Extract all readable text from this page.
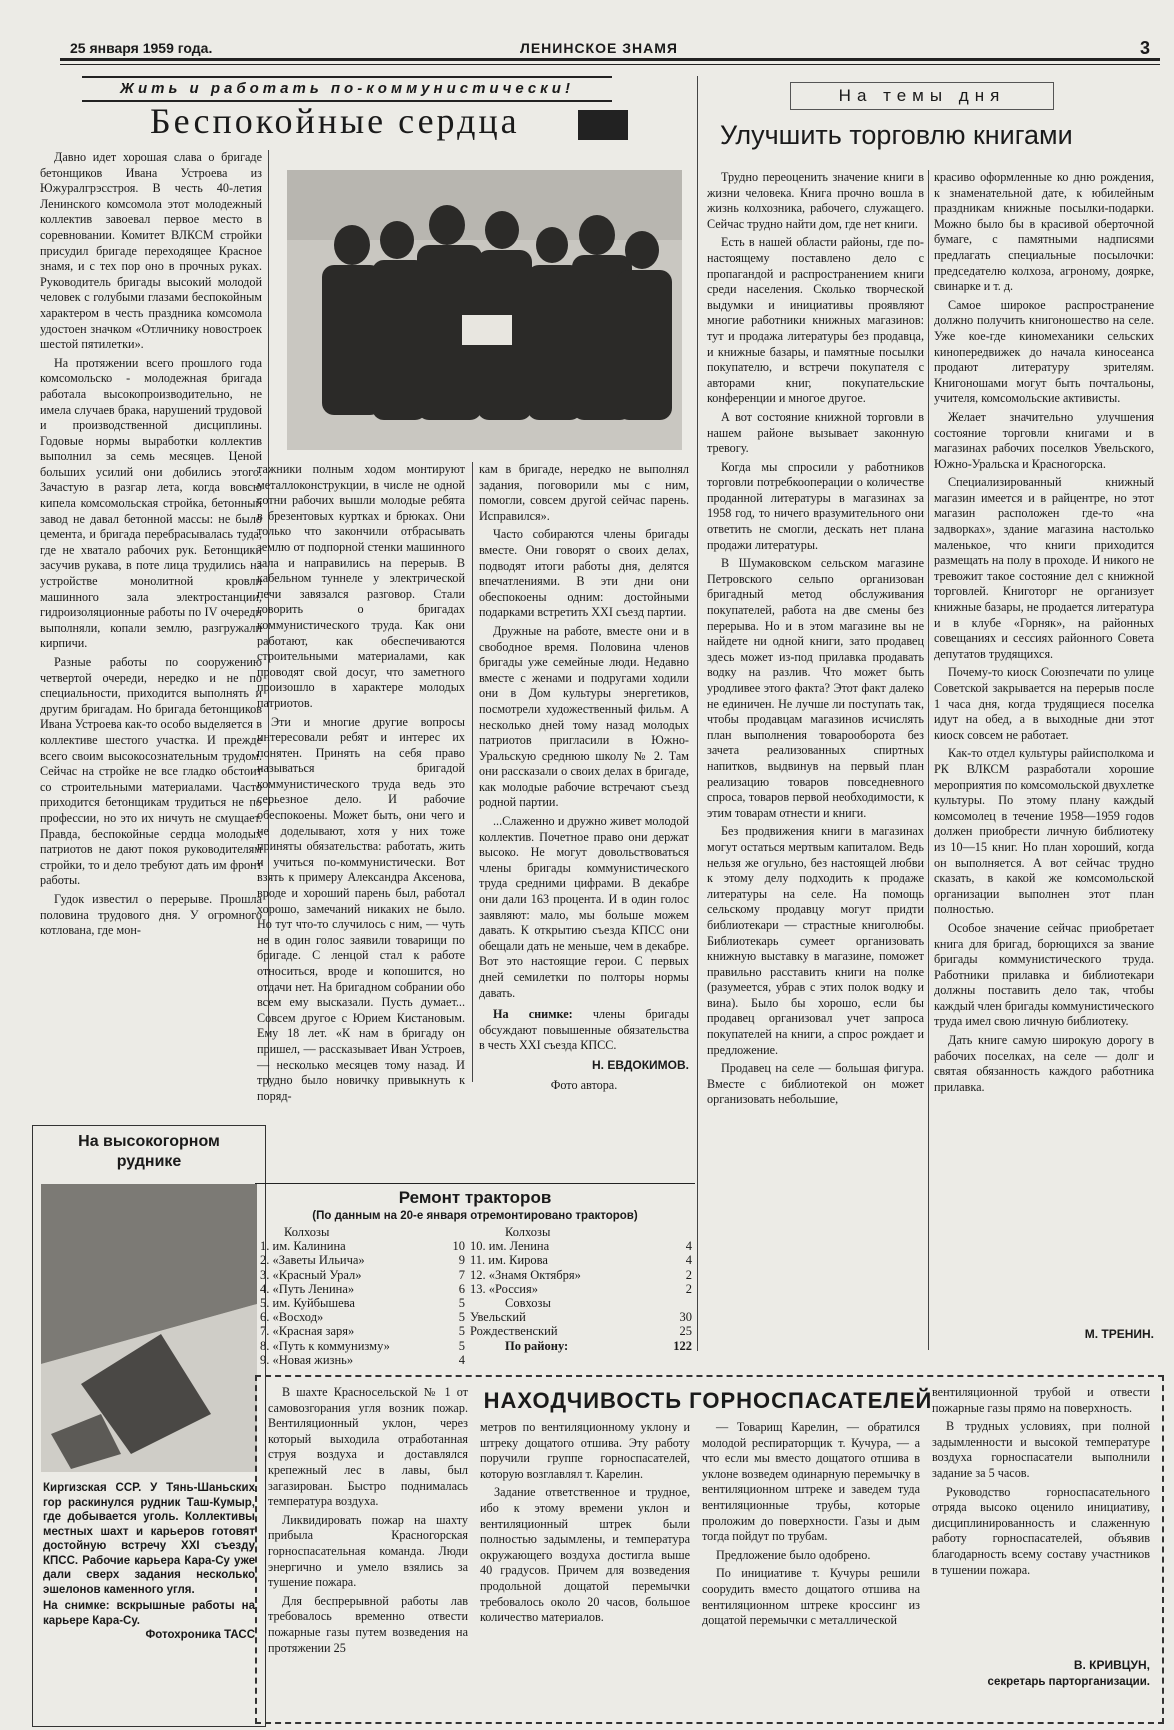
25 января 1959 года.	ЛЕНИНСКОЕ ЗНАМЯ	3
Жить и работать по-коммунистически!
Беспокойные сердца

Давно идет хорошая слава о бригаде бетонщиков Ивана Устроева из Южуралгрэсстроя. В честь 40-летия Ленинского комсомола этот молодежный коллектив завоевал первое место в соревновании. Комитет ВЛКСМ стройки присудил бригаде переходящее Красное знамя, и с тех пор оно в прочных руках. Руководитель бригады высокий молодой человек с голубыми глазами беспокойным характером в честь праздника комсомола удостоен значком «Отличнику новостроек шестой пятилетки».

На протяжении всего прошлого года комсомольско - молодежная бригада работала высокопроизводительно, не имела случаев брака, нарушений трудовой и производственной дисциплины. Годовые нормы выработки коллектив выполнил за семь месяцев. Ценой больших усилий они добились этого. Зачастую в разгар лета, когда вовсю кипела комсомольская стройка, бетонный завод не давал бетонной массы: не было цемента, и бригада перебрасывалась туда, где не хватало рабочих рук. Бетонщики засучив рукава, в поте лица трудились на устройстве монолитной кровли машинного зала электростанции, гидроизоляционные работы по IV очереди выполняли, копали землю, разгружали кирпичи.

Разные работы по сооружению четвертой очереди, нередко и не по специальности, приходится выполнять и другим бригадам. Но бригада бетонщиков Ивана Устроева как-то особо выделяется в коллективе шестого участка. И прежде всего своим высокосознательным трудом. Сейчас на стройке не все гладко обстоит со строительными материалами. Часто приходится бетонщикам трудиться не по профессии, но это их ничуть не смущает. Правда, беспокойные сердца молодых патриотов не дают покоя руководителям стройки, то и дело требуют дать им фронт работы.

Гудок известил о перерыве. Прошла половина трудового дня. У огромного котлована, где мон-

тажники полным ходом монтируют металлоконструкции, в числе не одной сотни рабочих вышли молодые ребята в брезентовых куртках и брюках. Они только что закончили отбрасывать землю от подпорной стенки машинного зала и направились на перерыв. В кабельном туннеле у электрической печи завязался разговор. Стали говорить о бригадах коммунистического труда. Как они работают, как обеспечиваются строительными материалами, как проводят свой досуг, что заметного произошло в характере молодых патриотов.

Эти и многие другие вопросы интересовали ребят и интерес их понятен. Принять на себя право называться бригадой коммунистического труда ведь это серьезное дело. И рабочие обеспокоены. Может быть, они чего и не доделывают, хотя у них тоже приняты обязательства: работать, жить и учиться по-коммунистически. Вот взять к примеру Александра Аксенова, вроде и хороший парень был, работал хорошо, замечаний никаких не было. Но тут что-то случилось с ним, — чуть не в один голос заявили товарищи по бригаде. С ленцой стал к работе относиться, вроде и копошится, но отдачи нет. На бригадном собрании обо всем ему высказали. Пусть думает... Совсем другое с Юрием Кистановым. Ему 18 лет. «К нам в бригаду он пришел, — рассказывает Иван Устроев, — несколько месяцев тому назад. И трудно было новичку привыкнуть к поряд-

кам в бригаде, нередко не выполнял задания, поговорили мы с ним, помогли, совсем другой сейчас парень. Исправился».

Часто собираются члены бригады вместе. Они говорят о своих делах, подводят итоги работы дня, делятся впечатлениями. В эти дни они обеспокоены одним: достойными подарками встретить XXI съезд партии.

Дружные на работе, вместе они и в свободное время. Половина членов бригады уже семейные люди. Недавно вместе с женами и подругами ходили они в Дом культуры энергетиков, посмотрели художественный фильм. А несколько дней тому назад молодых патриотов пригласили в Южно-Уральскую среднюю школу № 2. Там они рассказали о своих делах в бригаде, как молодые рабочие встречают съезд родной партии.

...Слаженно и дружно живет молодой коллектив. Почетное право они держат высоко. Не могут довольствоваться члены бригады коммунистического труда средними цифрами. В декабре они дали 163 процента. И в один голос заявляют: мало, мы больше можем давать. К открытию съезда КПСС они обещали дать не меньше, чем в декабре. Вот это настоящие герои. С первых дней семилетки по полторы нормы давать.

На снимке: члены бригады обсуждают повышенные обязательства в честь XXI съезда КПСС.

Н. ЕВДОКИМОВ.
Фото автора.
На темы дня
Улучшить торговлю книгами

Трудно переоценить значение книги в жизни человека. Книга прочно вошла в жизнь колхозника, рабочего, служащего. Сейчас трудно найти дом, где нет книги.

Есть в нашей области районы, где по-настоящему поставлено дело с пропагандой и распространением книги среди населения. Сколько творческой выдумки и инициативы проявляют многие работники книжных магазинов: тут и продажа литературы без продавца, и книжные базары, и памятные посылки покупателю, и встречи покупателя с авторами книг, покупательские конференции и многое другое.

А вот состояние книжной торговли в нашем районе вызывает законную тревогу.

Когда мы спросили у работников торговли потребкооперации о количестве проданной литературы в магазинах за 1958 год, то ничего вразумительного они ответить не смогли, дескать нет плана продажи литературы.

В Шумаковском сельском магазине Петровского сельпо организован бригадный метод обслуживания покупателей, работа на две смены без перерыва. Но и в этом магазине вы не найдете ни одной книги, зато продавец здесь может из-под прилавка продавать водку на разлив. Что может быть уродливее этого факта? Этот факт далеко не единичен. Не лучше ли поступать так, чтобы продавцам магазинов исчислять план выполнения товарооборота без зачета реализованных спиртных напитков, выдвинув на первый план реализацию товаров повседневного спроса, товаров первой необходимости, к этим товарам отнести и книги.

Без продвижения книги в магазинах могут остаться мертвым капиталом. Ведь нельзя же огульно, без настоящей любви к этому делу подходить к продаже литературы на селе. На помощь сельскому продавцу могут придти библиотекари — страстные книголюбы. Библиотекарь сумеет организовать книжную выставку в магазине, поможет правильно расставить книги на полке (разумеется, убрав с этих полок водку и вина). Было бы хорошо, если бы продавец организовал учет запроса покупателей на книги, а спрос рождает и предложение.

Продавец на селе — большая фигура. Вместе с библиотекой он может организовать небольшие,

красиво оформленные ко дню рождения, к знаменательной дате, к юбилейным праздникам книжные посылки-подарки. Можно было бы в красивой оберточной бумаге, с памятными надписями предлагать специальные посылочки: председателю колхоза, агроному, доярке, свинарке и т. д.

Самое широкое распространение должно получить книгоношество на селе. Уже кое-где киномеханики сельских кинопередвижек до начала киносеанса продают литературу зрителям. Книгоношами могут быть почтальоны, учителя, комсомольские активисты.

Желает значительно улучшения состояние торговли книгами и в магазинах рабочих поселков Увельского, Южно-Уральска и Красногорска.

Специализированный книжный магазин имеется и в райцентре, но этот магазин расположен где-то «на задворках», здание магазина настолько маленькое, что книги приходится размещать на полу в проходе. И никого не тревожит такое состояние дел с книжной торговлей. Книготорг не организует книжные базары, не продается литература и в клубе «Горняк», на районных совещаниях и сессиях районного Совета депутатов трудящихся.

Почему-то киоск Союзпечати по улице Советской закрывается на перерыв после 1 часа дня, когда трудящиеся поселка идут на обед, а в выходные дни этот киоск совсем не работает.

Как-то отдел культуры райисполкома и РК ВЛКСМ разработали хорошие мероприятия по комсомольской двухлетке культуры. По этому плану каждый комсомолец в течение 1958—1959 годов должен приобрести личную библиотеку из 10—15 книг. Но план хороший, когда он выполняется. А вот сейчас трудно сказать, в какой же комсомольской организации выполнен этот план полностью.

Особое значение сейчас приобретает книга для бригад, борющихся за звание бригады коммунистического труда. Работники прилавка и библиотекари должны поставить дело так, чтобы каждый член бригады коммунистического труда имел свою личную библиотеку.

Дать книге самую широкую дорогу в рабочих поселках, на селе — долг и святая обязанность каждого работника прилавка.

М. ТРЕНИН.
На высокогорном руднике
Киргизская ССР. У Тянь-Шаньских гор раскинулся рудник Таш-Кумыр, где добывается уголь. Коллективы местных шахт и карьеров готовят достойную встречу XXI съезду КПСС. Рабочие карьера Кара-Су уже дали сверх задания несколько эшелонов каменного угля.
На снимке: вскрышные работы на карьере Кара-Су.
Фотохроника ТАСС
Ремонт тракторов
(По данным на 20-е января отремонтировано тракторов)
Колхозы
1. им. Калинина	10
2. «Заветы Ильича»	9
3. «Красный Урал»	7
4. «Путь Ленина»	6
5. им. Куйбышева	5
6. «Восход»	5
7. «Красная заря»	5
8. «Путь к коммунизму»	5
9. «Новая жизнь»	4
Колхозы
10. им. Ленина	4
11. им. Кирова	4
12. «Знамя Октября»	2
13. «Россия»	2
Совхозы
Увельский	30
Рождественский	25
По району:	122
НАХОДЧИВОСТЬ ГОРНОСПАСАТЕЛЕЙ

В шахте Красносельской № 1 от самовозгорания угля возник пожар. Вентиляционный уклон, через который выходила отработанная струя воздуха и доставлялся крепежный лес в лавы, был загазирован. Быстро поднималась температура воздуха.

Ликвидировать пожар на шахту прибыла Красногорская горноспасательная команда. Люди энергично и умело взялись за тушение пожара.

Для беспрерывной работы лав требовалось временно отвести пожарные газы путем возведения на протяжении 25

метров по вентиляционному уклону и штреку дощатого отшива. Эту работу поручили группе горноспасателей, которую возглавлял т. Карелин.

Задание ответственное и трудное, ибо к этому времени уклон и вентиляционный штрек были полностью задымлены, и температура окружающего воздуха достигла выше 40 градусов. Причем для возведения продольной дощатой перемычки требовалось около 20 часов, большое количество материалов.

— Товарищ Карелин, — обратился молодой респираторщик т. Кучура, — а что если мы вместо дощатого отшива в уклоне возведем одинарную перемычку в вентиляционном штреке и заведем туда вентиляционные трубы, которые проложим до поверхности. Газы и дым тогда пойдут по трубам.

Предложение было одобрено.

По инициативе т. Кучуры решили соорудить вместо дощатого отшива на вентиляционном штреке кроссинг из дощатой перемычки с металлической

вентиляционной трубой и отвести пожарные газы прямо на поверхность.

В трудных условиях, при полной задымленности и высокой температуре воздуха горноспасатели выполнили задание за 5 часов.

Руководство горноспасательного отряда высоко оценило инициативу, дисциплинированность и слаженную работу горноспасателей, объявив благодарность всему составу участников в тушении пожара.

В. КРИВЦУН,
секретарь парторганизации.
